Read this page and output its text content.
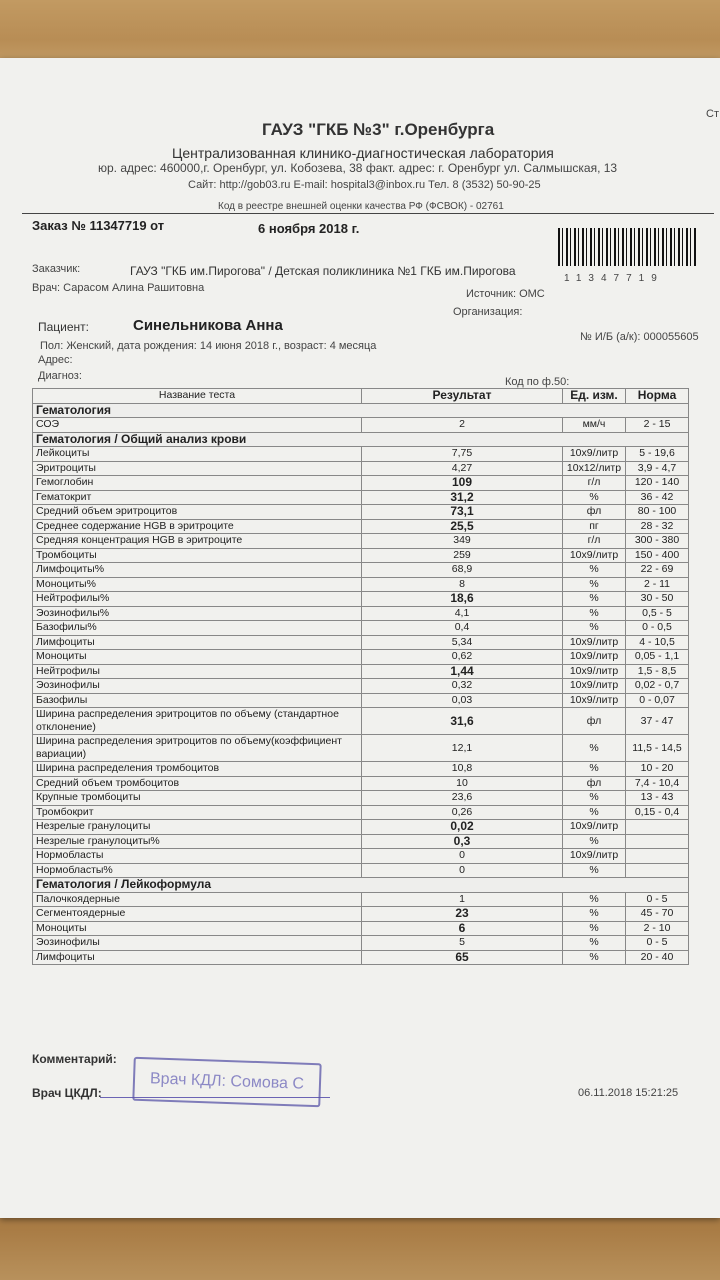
ГАУЗ "ГКБ №3" г.Оренбурга
Централизованная клинико-диагностическая лаборатория
юр. адрес: 460000,г. Оренбург, ул. Кобозева, 38 факт. адрес: г. Оренбург ул. Салмышская, 13
Сайт: http://gob03.ru E-mail: hospital3@inbox.ru Тел. 8 (3532) 50-90-25
Код в реестре внешней оценки качества РФ (ФСВОК) - 02761
Ст
Заказ № 11347719 от	6 ноября 2018 г.
11347719
Заказчик:	ГАУЗ "ГКБ им.Пирогова" / Детская поликлиника №1 ГКБ им.Пирогова
Врач: Сарасом Алина Рашитовна	Источник: ОМС
Организация:
Пациент:	Синельникова Анна
№ И/Б (а/к): 000055605
Пол: Женский, дата рождения: 14 июня 2018 г., возраст: 4 месяца
Адрес:
Диагноз:	Код по ф.50:
Название теста	Результат	Ед. изм.	Норма
Гематология			
СОЭ	2	мм/ч	2 - 15
Гематология / Общий анализ крови			
Лейкоциты	7,75	10х9/литр	5 - 19,6
Эритроциты	4,27	10х12/литр	3,9 - 4,7
Гемоглобин	109	г/л	120 - 140
Гематокрит	31,2	%	36 - 42
Средний объем эритроцитов	73,1	фл	80 - 100
Среднее содержание HGB в эритроците	25,5	пг	28 - 32
Средняя концентрация HGB в эритроците	349	г/л	300 - 380
Тромбоциты	259	10х9/литр	150 - 400
Лимфоциты%	68,9	%	22 - 69
Моноциты%	8	%	2 - 11
Нейтрофилы%	18,6	%	30 - 50
Эозинофилы%	4,1	%	0,5 - 5
Базофилы%	0,4	%	0 - 0,5
Лимфоциты	5,34	10х9/литр	4 - 10,5
Моноциты	0,62	10х9/литр	0,05 - 1,1
Нейтрофилы	1,44	10х9/литр	1,5 - 8,5
Эозинофилы	0,32	10х9/литр	0,02 - 0,7
Базофилы	0,03	10х9/литр	0 - 0,07
Ширина распределения эритроцитов по объему (стандартное отклонение)	31,6	фл	37 - 47
Ширина распределения эритроцитов по объему(коэффициент вариации)	12,1	%	11,5 - 14,5
Ширина распределения тромбоцитов	10,8	%	10 - 20
Средний объем тромбоцитов	10	фл	7,4 - 10,4
Крупные тромбоциты	23,6	%	13 - 43
Тромбокрит	0,26	%	0,15 - 0,4
Незрелые гранулоциты	0,02	10х9/литр	
Незрелые гранулоциты%	0,3	%	
Нормобласты	0	10х9/литр	
Нормобласты%	0	%	
Гематология / Лейкоформула			
Палочкоядерные	1	%	0 - 5
Сегментоядерные	23	%	45 - 70
Моноциты	6	%	2 - 10
Эозинофилы	5	%	0 - 5
Лимфоциты	65	%	20 - 40
Комментарий:
Врач ЦКДЛ:
Врач КДЛ: Сомова С
06.11.2018 15:21:25
